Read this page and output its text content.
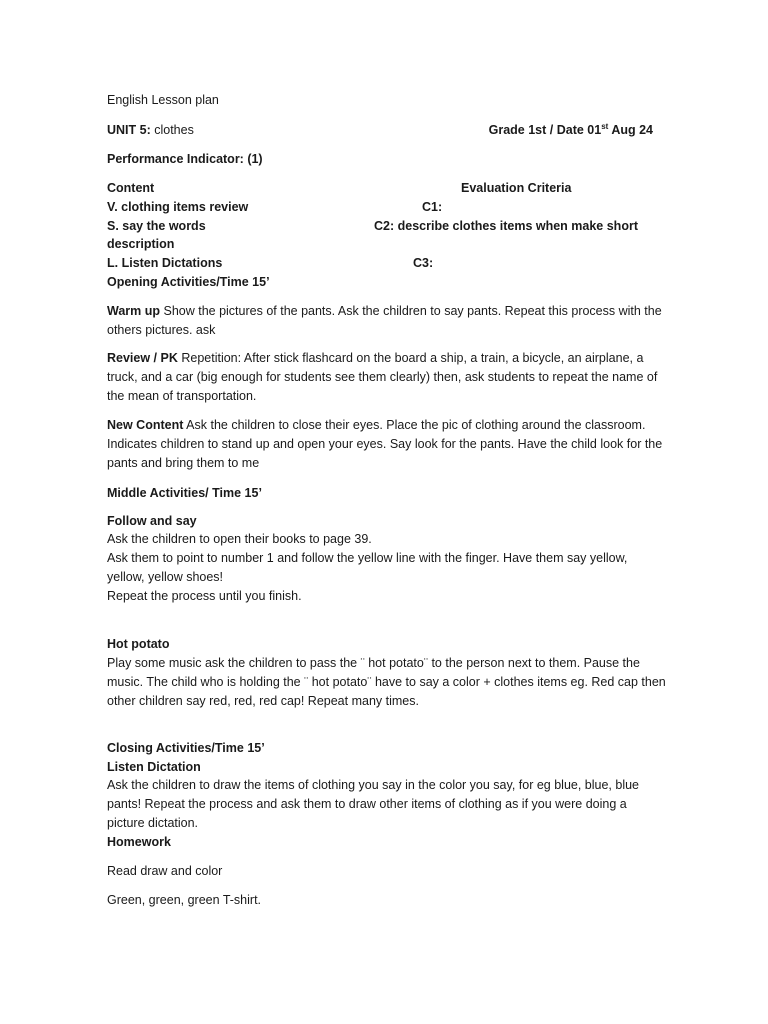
English Lesson plan
UNIT 5: clothes	Grade 1st / Date 01st Aug 24
Performance Indicator: (1)
Content	Evaluation Criteria
V. clothing items review	C1:
S. say the words	C2: describe clothes items when make short
description
L. Listen Dictations	C3:
Opening Activities/Time 15’
Warm up Show the pictures of the pants. Ask the children to say pants. Repeat this process with the others pictures. ask
Review / PK Repetition: After stick flashcard on the board a ship, a train, a bicycle, an airplane, a truck, and a car (big enough for students see them clearly) then, ask students to repeat the name of the mean of transportation.
New Content Ask the children to close their eyes. Place the pic of clothing around the classroom. Indicates children to stand up and open your eyes. Say look for the pants. Have the child look for the pants and bring them to me
Middle Activities/ Time 15’
Follow and say
Ask the children to open their books to page 39.
Ask them to point to number 1 and follow the yellow line with the finger. Have them say yellow, yellow, yellow shoes!
Repeat the process until you finish.
Hot potato
Play some music ask the children to pass the ¨ hot potato¨ to the person next to them. Pause the music. The child who is holding the ¨ hot potato¨ have to say a color + clothes items eg. Red cap then other children say red, red, red cap! Repeat many times.
Closing Activities/Time 15’
Listen Dictation
Ask the children to draw the items of clothing you say in the color you say, for eg blue, blue, blue pants! Repeat the process and ask them to draw other items of clothing as if you were doing a picture dictation.
Homework
Read draw and color
Green, green, green T-shirt.
